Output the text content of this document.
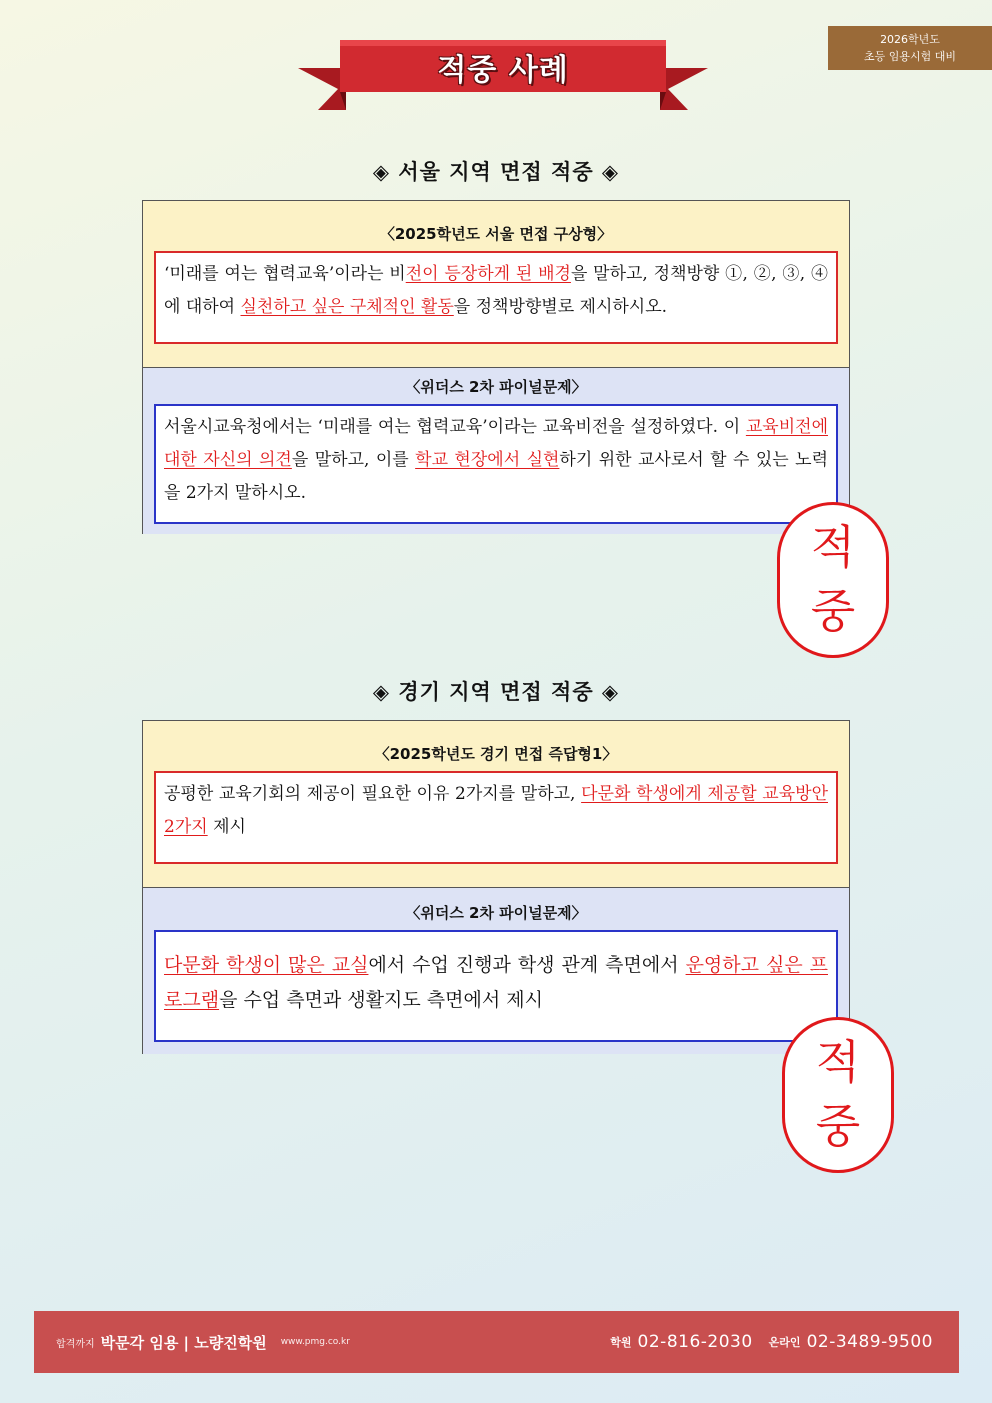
2026학년도
초등 임용시험 대비
적중 사례
◈ 서울 지역 면접 적중 ◈
〈2025학년도 서울 면접 구상형〉
‘미래를 여는 협력교육’이라는 비전이 등장하게 된 배경을 말하고, 정책방향 ①, ②, ③, ④에 대하여 실천하고 싶은 구체적인 활동을 정책방향별로 제시하시오.
〈위더스 2차 파이널문제〉
서울시교육청에서는 ‘미래를 여는 협력교육’이라는 교육비전을 설정하였다. 이 교육비전에 대한 자신의 의견을 말하고, 이를 학교 현장에서 실현하기 위한 교사로서 할 수 있는 노력을 2가지 말하시오.
적
중
◈ 경기 지역 면접 적중 ◈
〈2025학년도 경기 면접 즉답형1〉
공평한 교육기회의 제공이 필요한 이유 2가지를 말하고, 다문화 학생에게 제공할 교육방안 2가지 제시
〈위더스 2차 파이널문제〉
다문화 학생이 많은 교실에서 수업 진행과 학생 관계 측면에서 운영하고 싶은 프로그램을 수업 측면과 생활지도 측면에서 제시
적
중
합격까지 박문각 임용 | 노량진학원 www.pmg.co.kr	학원 02-816-2030 온라인 02-3489-9500
